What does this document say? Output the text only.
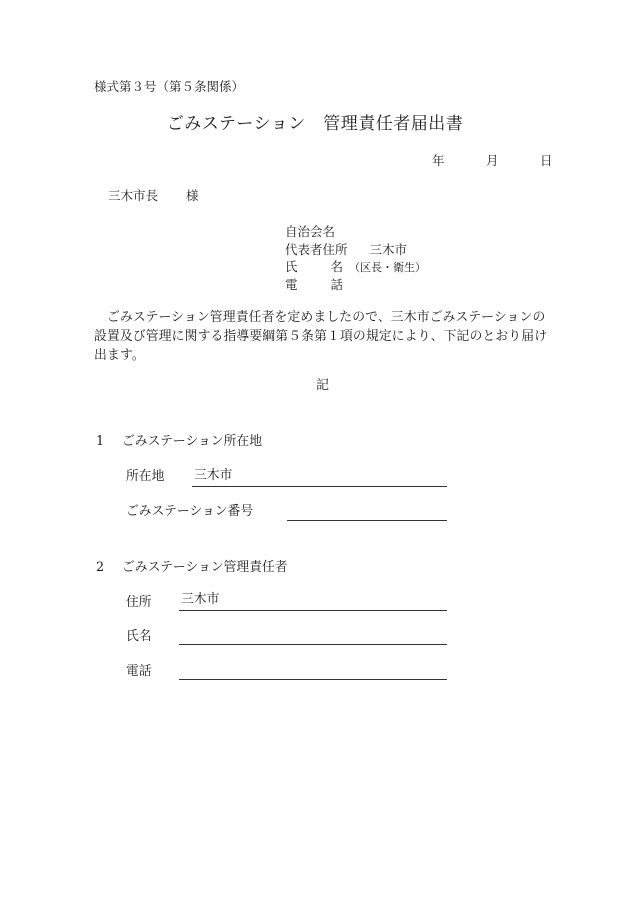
様式第３号（第５条関係）
ごみステーション　管理責任者届出書
年	月	日
三木市長 様
自治会名
代表者住所 三木市
氏	名 （区長・衛生）
電	話
ごみステーション管理責任者を定めましたので、三木市ごみステーションの設置及び管理に関する指導要綱第５条第１項の規定により、下記のとおり届け出ます。
記
1 ごみステーション所在地
所在地 三木市
ごみステーション番号
2 ごみステーション管理責任者
住所 三木市
氏名
電話
